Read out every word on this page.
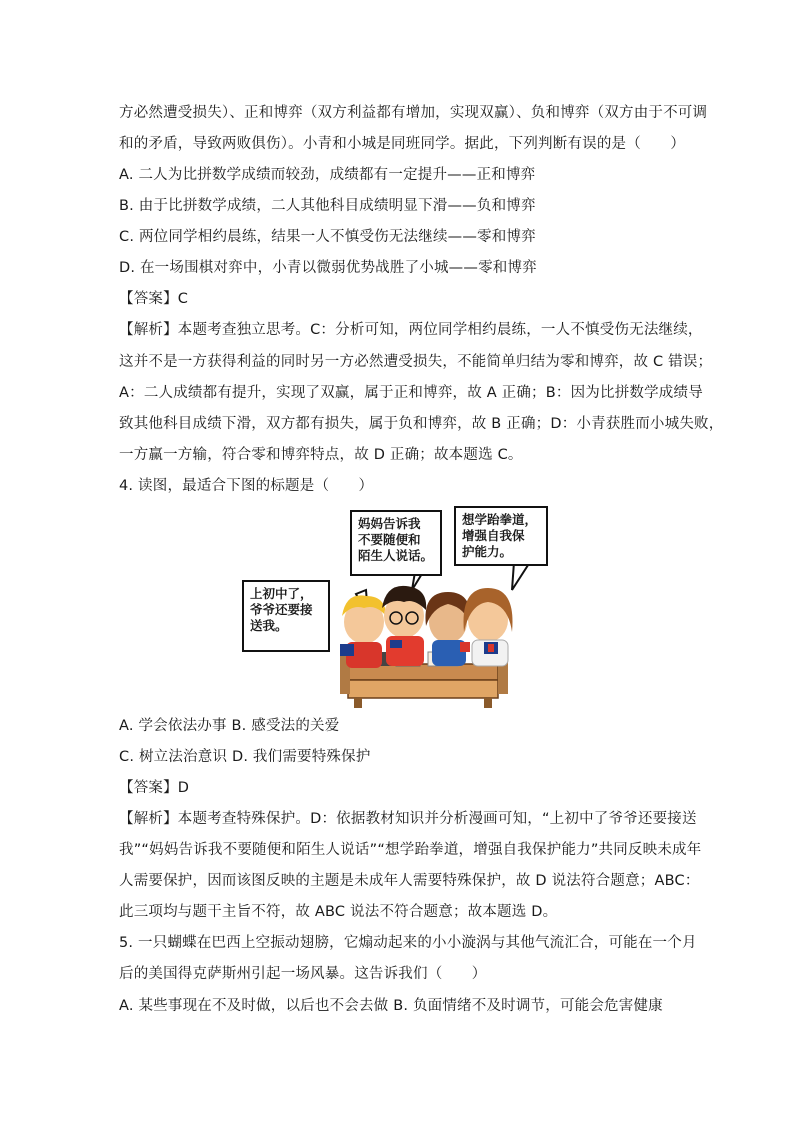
方必然遭受损失）、正和博弈（双方利益都有增加，实现双赢）、负和博弈（双方由于不可调
和的矛盾，导致两败俱伤）。小青和小城是同班同学。据此，下列判断有误的是（　　）
A. 二人为比拼数学成绩而较劲，成绩都有一定提升——正和博弈
B. 由于比拼数学成绩，二人其他科目成绩明显下滑——负和博弈
C. 两位同学相约晨练，结果一人不慎受伤无法继续——零和博弈
D. 在一场围棋对弈中，小青以微弱优势战胜了小城——零和博弈
【答案】C
【解析】本题考查独立思考。C：分析可知，两位同学相约晨练，一人不慎受伤无法继续，
这并不是一方获得利益的同时另一方必然遭受损失，不能简单归结为零和博弈，故 C 错误；
A：二人成绩都有提升，实现了双赢，属于正和博弈，故 A 正确；B：因为比拼数学成绩导
致其他科目成绩下滑，双方都有损失，属于负和博弈，故 B 正确；D：小青获胜而小城失败，
一方赢一方输，符合零和博弈特点，故 D 正确；故本题选 C。
4. 读图，最适合下图的标题是（　　）
上初中了，
爷爷还要接
送我。
妈妈告诉我
不要随便和
陌生人说话。
想学跆拳道，
增强自我保
护能力。
A. 学会依法办事 B. 感受法的关爱
C. 树立法治意识 D. 我们需要特殊保护
【答案】D
【解析】本题考查特殊保护。D：依据教材知识并分析漫画可知，“上初中了爷爷还要接送
我”“妈妈告诉我不要随便和陌生人说话”“想学跆拳道，增强自我保护能力”共同反映未成年
人需要保护，因而该图反映的主题是未成年人需要特殊保护，故 D 说法符合题意；ABC：
此三项均与题干主旨不符，故 ABC 说法不符合题意；故本题选 D。
5. 一只蝴蝶在巴西上空振动翅膀，它煽动起来的小小漩涡与其他气流汇合，可能在一个月
后的美国得克萨斯州引起一场风暴。这告诉我们（　　）
A. 某些事现在不及时做，以后也不会去做 B. 负面情绪不及时调节，可能会危害健康
